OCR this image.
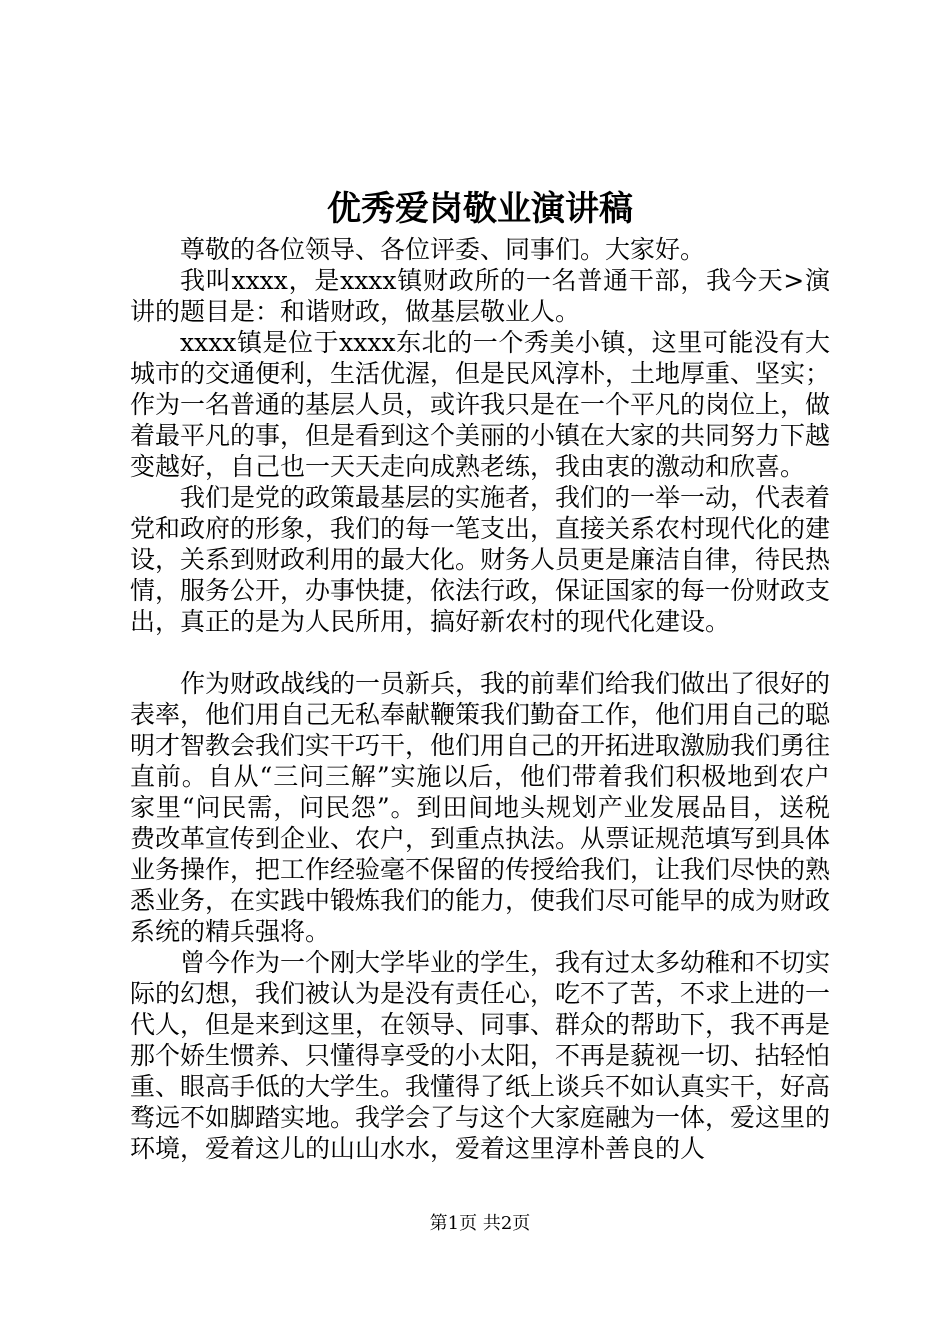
优秀爱岗敬业演讲稿

尊敬的各位领导、各位评委、同事们。大家好。

我叫xxxx，是xxxx镇财政所的一名普通干部，我今天>演讲的题目是：和谐财政，做基层敬业人。

xxxx镇是位于xxxx东北的一个秀美小镇，这里可能没有大城市的交通便利，生活优渥，但是民风淳朴，土地厚重、坚实；作为一名普通的基层人员，或许我只是在一个平凡的岗位上，做着最平凡的事，但是看到这个美丽的小镇在大家的共同努力下越变越好，自己也一天天走向成熟老练，我由衷的激动和欣喜。

我们是党的政策最基层的实施者，我们的一举一动，代表着党和政府的形象，我们的每一笔支出，直接关系农村现代化的建设，关系到财政利用的最大化。财务人员更是廉洁自律，待民热情，服务公开，办事快捷，依法行政，保证国家的每一份财政支出，真正的是为人民所用，搞好新农村的现代化建设。

作为财政战线的一员新兵，我的前辈们给我们做出了很好的表率，他们用自己无私奉献鞭策我们勤奋工作，他们用自己的聪明才智教会我们实干巧干，他们用自己的开拓进取激励我们勇往直前。自从“三问三解”实施以后，他们带着我们积极地到农户家里“问民需，问民怨”。到田间地头规划产业发展品目，送税费改革宣传到企业、农户，到重点执法。从票证规范填写到具体业务操作，把工作经验毫不保留的传授给我们，让我们尽快的熟悉业务，在实践中锻炼我们的能力，使我们尽可能早的成为财政系统的精兵强将。

曾今作为一个刚大学毕业的学生，我有过太多幼稚和不切实际的幻想，我们被认为是没有责任心，吃不了苦，不求上进的一代人，但是来到这里，在领导、同事、群众的帮助下，我不再是那个娇生惯养、只懂得享受的小太阳，不再是藐视一切、拈轻怕重、眼高手低的大学生。我懂得了纸上谈兵不如认真实干，好高骛远不如脚踏实地。我学会了与这个大家庭融为一体，爱这里的环境，爱着这儿的山山水水，爱着这里淳朴善良的人

第1页 共2页
